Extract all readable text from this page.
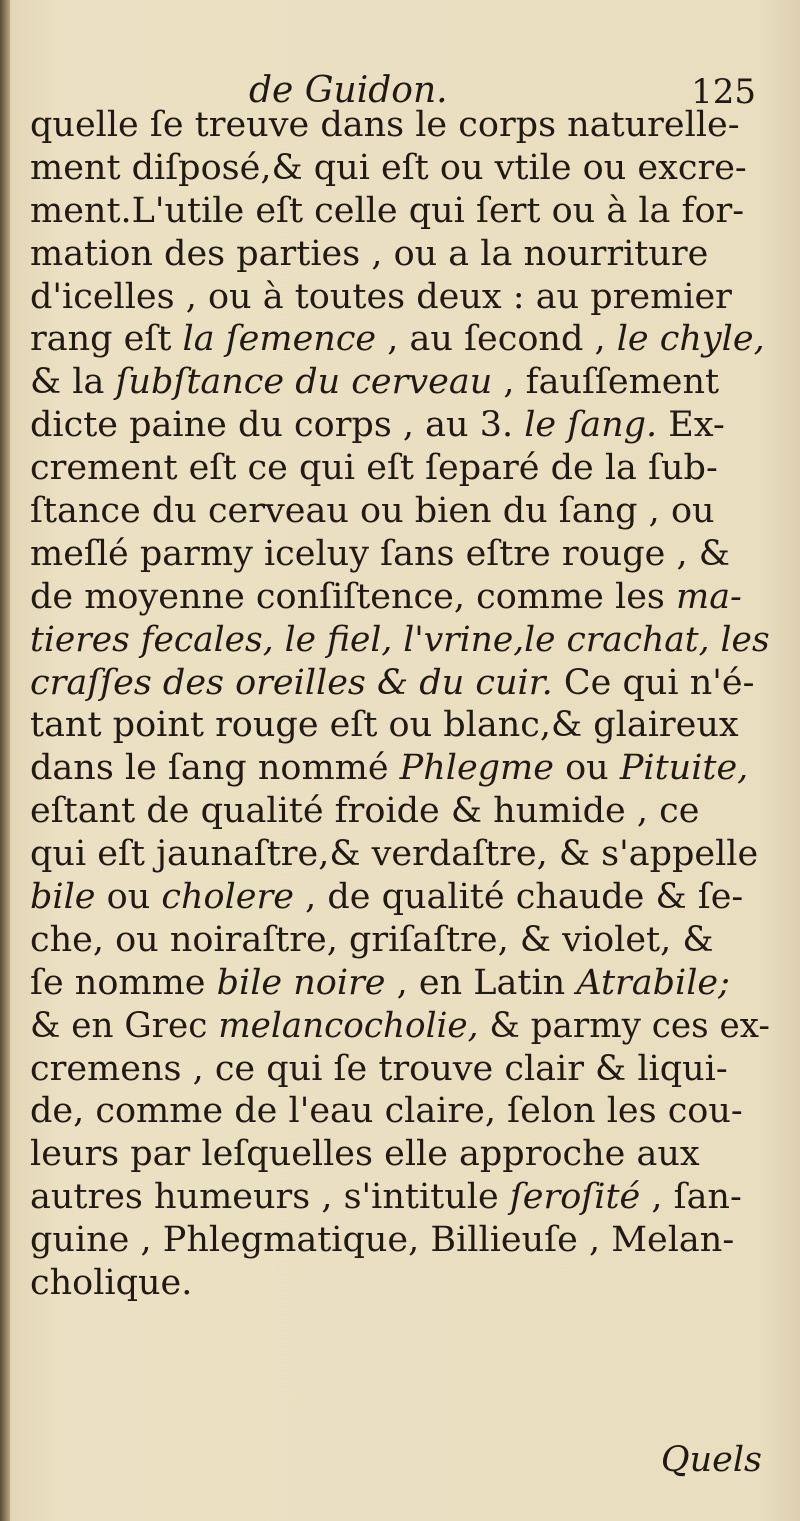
de Guidon.	125
quelle ſe treuve dans le corps naturelle-
ment diſposé,& qui eſt ou vtile ou excre-
ment.L'utile eſt celle qui ſert ou à la for-
mation des parties , ou a la nourriture
d'icelles , ou à toutes deux : au premier
rang eſt la ſemence , au ſecond , le chyle,
& la ſubſtance du cerveau , fauſſement
dicte paine du corps , au 3. le ſang. Ex-
crement eſt ce qui eſt ſeparé de la ſub-
ſtance du cerveau ou bien du ſang , ou
meſlé parmy iceluy ſans eſtre rouge , &
de moyenne conſiſtence, comme les ma-
tieres fecales, le fiel, l'vrine,le crachat, les
craſſes des oreilles & du cuir. Ce qui n'é-
tant point rouge eſt ou blanc,& glaireux
dans le ſang nommé Phlegme ou Pituite,
eſtant de qualité froide & humide , ce
qui eſt jaunaſtre,& verdaſtre, & s'appelle
bile ou cholere , de qualité chaude & ſe-
che, ou noiraſtre, griſaſtre, & violet, &
ſe nomme bile noire , en Latin Atrabile;
& en Grec melancocholie, & parmy ces ex-
cremens , ce qui ſe trouve clair & liqui-
de, comme de l'eau claire, ſelon les cou-
leurs par leſquelles elle approche aux
autres humeurs , s'intitule ſeroſité , ſan-
guine , Phlegmatique, Billieuſe , Melan-
cholique.
Quels
